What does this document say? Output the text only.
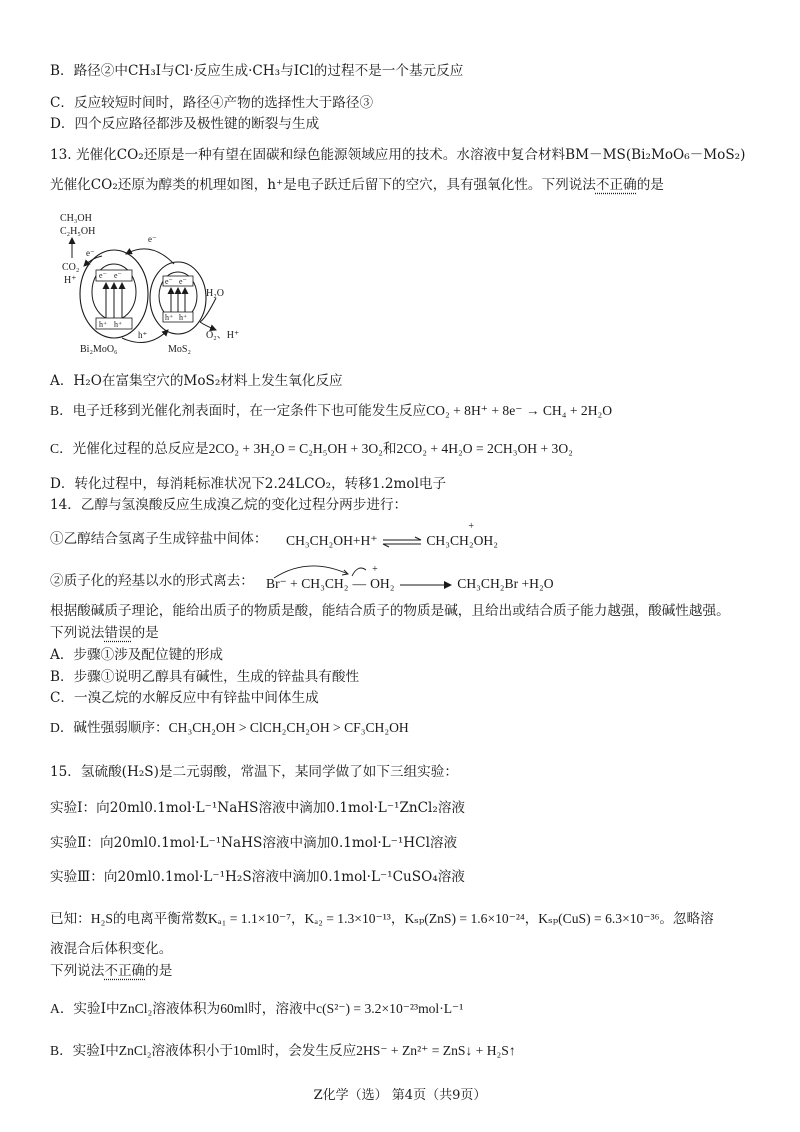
B．路径②中CH₃I与Cl·反应生成·CH₃与ICl的过程不是一个基元反应
C．反应较短时间时，路径④产物的选择性大于路径③
D．四个反应路径都涉及极性键的断裂与生成
13. 光催化CO₂还原是一种有望在固碳和绿色能源领域应用的技术。水溶液中复合材料BM－MS(Bi₂MoO₆－MoS₂)
光催化CO₂还原为醇类的机理如图，h⁺是电子跃迁后留下的空穴，具有强氧化性。下列说法不正确的是
CH₃OH
C₂H₅OH
CO₂
H⁺	e⁻ e⁻
h⁺ h⁺
e⁻ e⁻
h⁺ h⁺
e⁻
e⁻
h⁺
H₂O
O₂、H⁺
Bi₂MoO₆	MoS₂
A．H₂O在富集空穴的MoS₂材料上发生氧化反应
B．电子迁移到光催化剂表面时，在一定条件下也可能发生反应CO₂ + 8H⁺ + 8e⁻ → CH₄ + 2H₂O
C．光催化过程的总反应是2CO₂ + 3H₂O = C₂H₅OH + 3O₂和2CO₂ + 4H₂O = 2CH₃OH + 3O₂
D．转化过程中，每消耗标准状况下2.24LCO₂，转移1.2mol电子
14．乙醇与氢溴酸反应生成溴乙烷的变化过程分两步进行：
①乙醇结合氢离子生成锌盐中间体： CH₃CH₂OH+H⁺ ⇌ CH₃CH₂OH₂
+
②质子化的羟基以水的形式离去： Br⁻ + CH₃CH₂ — OH₂
+
CH₃CH₂Br +H₂O
根据酸碱质子理论，能给出质子的物质是酸，能结合质子的物质是碱，且给出或结合质子能力越强，酸碱性越强。
下列说法错误的是
A．步骤①涉及配位键的形成
B．步骤①说明乙醇具有碱性，生成的锌盐具有酸性
C．一溴乙烷的水解反应中有锌盐中间体生成
D．碱性强弱顺序：CH₃CH₂OH > ClCH₂CH₂OH > CF₃CH₂OH
15．氢硫酸(H₂S)是二元弱酸，常温下，某同学做了如下三组实验：
实验Ⅰ：向20ml0.1mol·L⁻¹NaHS溶液中滴加0.1mol·L⁻¹ZnCl₂溶液
实验Ⅱ：向20ml0.1mol·L⁻¹NaHS溶液中滴加0.1mol·L⁻¹HCl溶液
实验Ⅲ：向20ml0.1mol·L⁻¹H₂S溶液中滴加0.1mol·L⁻¹CuSO₄溶液
已知：H₂S的电离平衡常数Kₐ₁ = 1.1×10⁻⁷，Kₐ₂ = 1.3×10⁻¹³，Kₛₚ(ZnS) = 1.6×10⁻²⁴，Kₛₚ(CuS) = 6.3×10⁻³⁶。忽略溶
液混合后体积变化。
下列说法不正确的是
A．实验Ⅰ中ZnCl₂溶液体积为60ml时，溶液中c(S²⁻) = 3.2×10⁻²³mol·L⁻¹
B．实验Ⅰ中ZnCl₂溶液体积小于10ml时，会发生反应2HS⁻ + Zn²⁺ = ZnS↓ + H₂S↑
Z化学（选） 第4页（共9页）
